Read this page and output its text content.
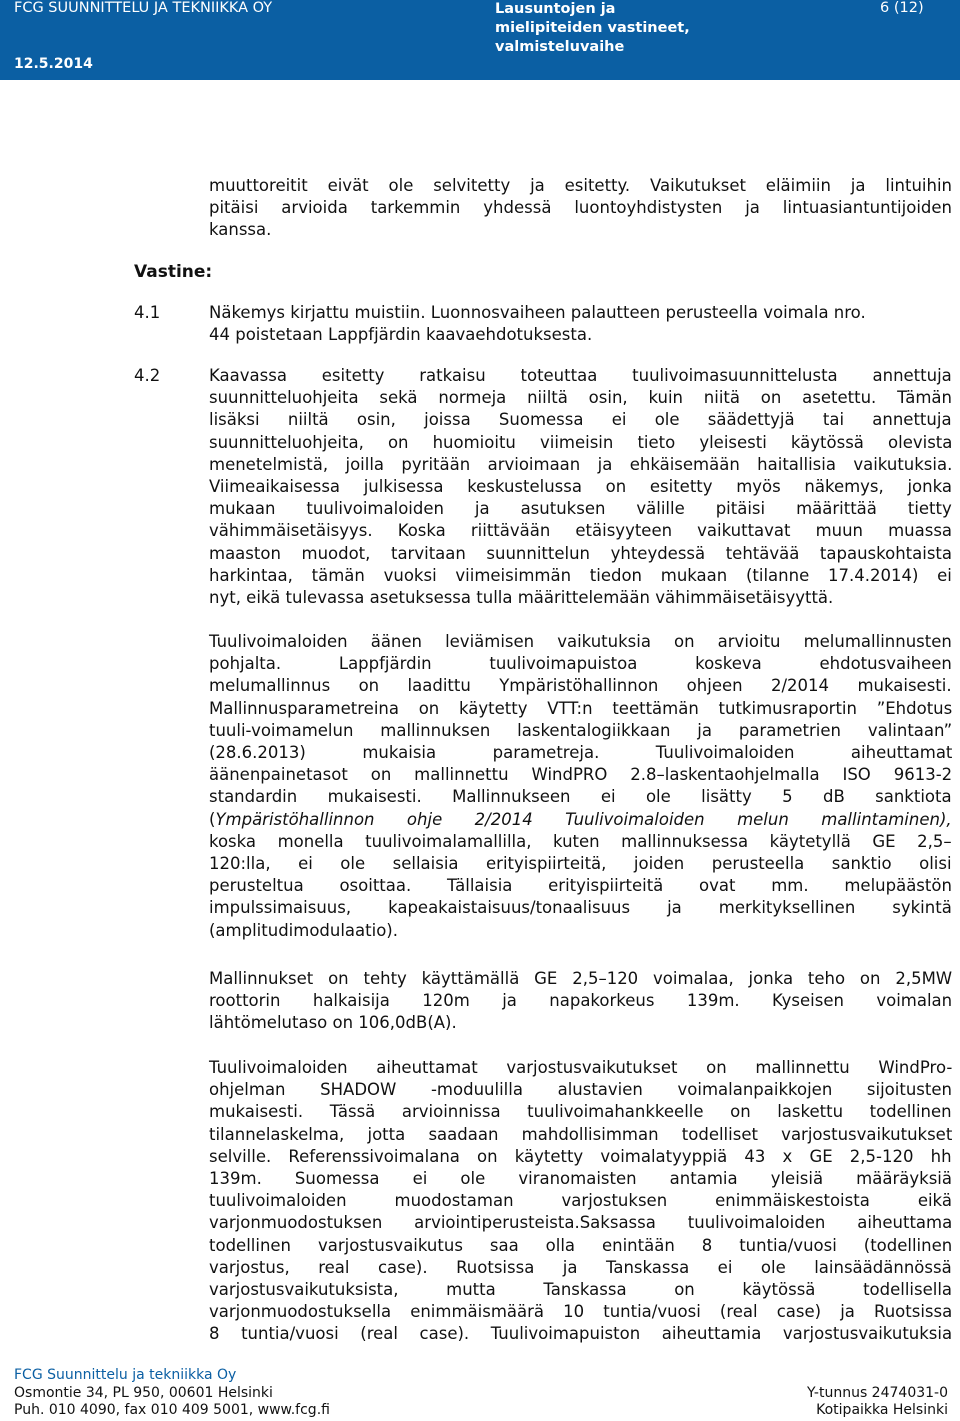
FCG SUUNNITTELU JA TEKNIIKKA OY	Lausuntojen ja
mielipiteiden vastineet,
valmisteluvaihe
6 (12)
12.5.2014
muuttoreitit eivät ole selvitetty ja esitetty. Vaikutukset eläimiin ja lintuihin
pitäisi arvioida tarkemmin yhdessä luontoyhdistysten ja lintuasiantuntijoiden
kanssa.
Vastine:
4.1	Näkemys kirjattu muistiin. Luonnosvaiheen palautteen perusteella voimala nro.
44 poistetaan Lappfjärdin kaavaehdotuksesta.
4.2	Kaavassa esitetty ratkaisu toteuttaa tuulivoimasuunnittelusta annettuja
suunnitteluohjeita sekä normeja niiltä osin, kuin niitä on asetettu. Tämän
lisäksi niiltä osin, joissa Suomessa ei ole säädettyjä tai annettuja
suunnitteluohjeita, on huomioitu viimeisin tieto yleisesti käytössä olevista
menetelmistä, joilla pyritään arvioimaan ja ehkäisemään haitallisia vaikutuksia.
Viimeaikaisessa julkisessa keskustelussa on esitetty myös näkemys, jonka
mukaan tuulivoimaloiden ja asutuksen välille pitäisi määrittää tietty
vähimmäisetäisyys. Koska riittävään etäisyyteen vaikuttavat muun muassa
maaston muodot, tarvitaan suunnittelun yhteydessä tehtävää tapauskohtaista
harkintaa, tämän vuoksi viimeisimmän tiedon mukaan (tilanne 17.4.2014) ei
nyt, eikä tulevassa asetuksessa tulla määrittelemään vähimmäisetäisyyttä.
Tuulivoimaloiden äänen leviämisen vaikutuksia on arvioitu melumallinnusten
pohjalta. Lappfjärdin tuulivoimapuistoa koskeva ehdotusvaiheen
melumallinnus on laadittu Ympäristöhallinnon ohjeen 2/2014 mukaisesti.
Mallinnusparametreina on käytetty VTT:n teettämän tutkimusraportin ”Ehdotus
tuuli-voimamelun mallinnuksen laskentalogiikkaan ja parametrien valintaan”
(28.6.2013) mukaisia parametreja. Tuulivoimaloiden aiheuttamat
äänenpainetasot on mallinnettu WindPRO 2.8–laskentaohjelmalla ISO 9613-2
standardin mukaisesti. Mallinnukseen ei ole lisätty 5 dB sanktiota
(Ympäristöhallinnon ohje 2/2014 Tuulivoimaloiden melun mallintaminen),
koska monella tuulivoimalamallilla, kuten mallinnuksessa käytetyllä GE 2,5–
120:lla, ei ole sellaisia erityispiirteitä, joiden perusteella sanktio olisi
perusteltua osoittaa. Tällaisia erityispiirteitä ovat mm. melupäästön
impulssimaisuus, kapeakaistaisuus/tonaalisuus ja merkityksellinen sykintä
(amplitudimodulaatio).
Mallinnukset on tehty käyttämällä GE 2,5–120 voimalaa, jonka teho on 2,5MW
roottorin halkaisija 120m ja napakorkeus 139m. Kyseisen voimalan
lähtömelutaso on 106,0dB(A).
Tuulivoimaloiden aiheuttamat varjostusvaikutukset on mallinnettu WindPro-
ohjelman SHADOW -moduulilla alustavien voimalanpaikkojen sijoitusten
mukaisesti. Tässä arvioinnissa tuulivoimahankkeelle on laskettu todellinen
tilannelaskelma, jotta saadaan mahdollisimman todelliset varjostusvaikutukset
selville. Referenssivoimalana on käytetty voimalatyyppiä 43 x GE 2,5-120 hh
139m. Suomessa ei ole viranomaisten antamia yleisiä määräyksiä
tuulivoimaloiden muodostaman varjostuksen enimmäiskestoista eikä
varjonmuodostuksen arviointiperusteista.Saksassa tuulivoimaloiden aiheuttama
todellinen varjostusvaikutus saa olla enintään 8 tuntia/vuosi (todellinen
varjostus, real case). Ruotsissa ja Tanskassa ei ole lainsäädännössä
varjostusvaikutuksista, mutta Tanskassa on käytössä todellisella
varjonmuodostuksella enimmäismäärä 10 tuntia/vuosi (real case) ja Ruotsissa
8 tuntia/vuosi (real case). Tuulivoimapuiston aiheuttamia varjostusvaikutuksia
FCG Suunnittelu ja tekniikka Oy
Osmontie 34, PL 950, 00601 Helsinki	Y-tunnus 2474031-0
Puh. 010 4090, fax 010 409 5001, www.fcg.fi	Kotipaikka Helsinki
